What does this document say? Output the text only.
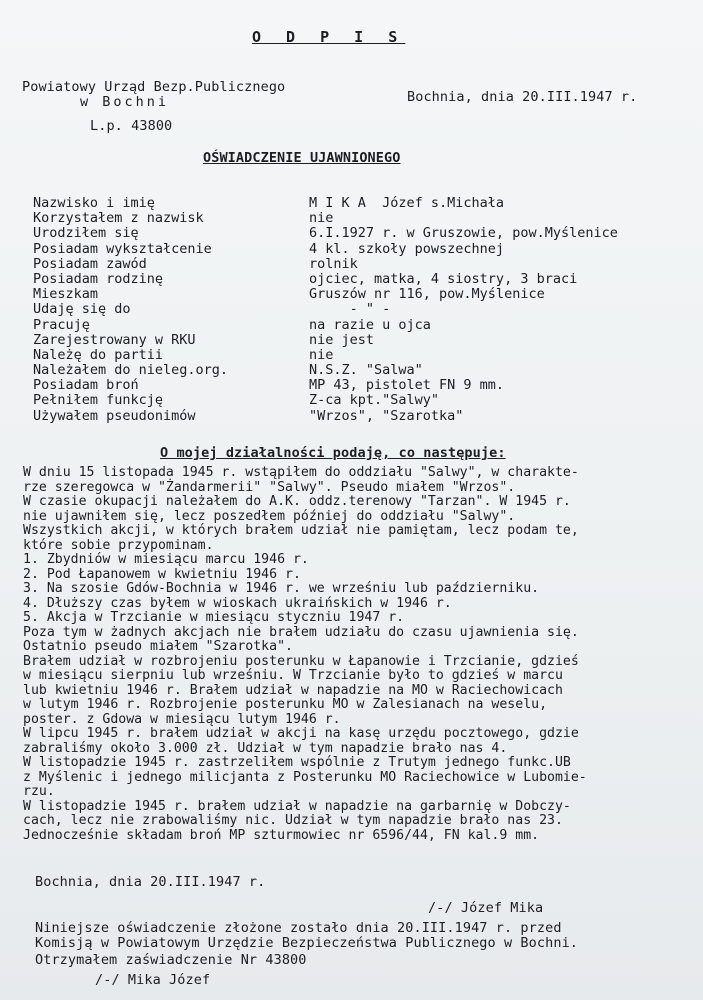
O D P I S
Powiatowy Urząd Bezp.Publicznego
w Bochni
L.p. 43800
Bochnia, dnia 20.III.1947 r.
OŚWIADCZENIE UJAWNIONEGO
Nazwisko i imię	M I K A  Józef s.Michała
Korzystałem z nazwisk	nie
Urodziłem się	6.I.1927 r. w Gruszowie, pow.Myślenice
Posiadam wykształcenie	4 kl. szkoły powszechnej
Posiadam zawód	rolnik
Posiadam rodzinę	ojciec, matka, 4 siostry, 3 braci
Mieszkam	Gruszów nr 116, pow.Myślenice
Udaję się do	- " -
Pracuję	na razie u ojca
Zarejestrowany w RKU	nie jest
Należę do partii	nie
Należałem do nieleg.org.	N.S.Z. "Salwa"
Posiadam broń	MP 43, pistolet FN 9 mm.
Pełniłem funkcję	Z-ca kpt."Salwy"
Używałem pseudonimów	"Wrzos", "Szarotka"
O mojej działalności podaję, co następuje:
W dniu 15 listopada 1945 r. wstąpiłem do oddziału "Salwy", w charakte-
rze szeregowca w "Żandarmerii" "Salwy". Pseudo miałem "Wrzos".
W czasie okupacji należałem do A.K. oddz.terenowy "Tarzan". W 1945 r.
nie ujawniłem się, lecz poszedłem później do oddziału "Salwy".
Wszystkich akcji, w których brałem udział nie pamiętam, lecz podam te,
które sobie przypominam.
1. Zbydniów w miesiącu marcu 1946 r.
2. Pod Łapanowem w kwietniu 1946 r.
3. Na szosie Gdów-Bochnia w 1946 r. we wrześniu lub październiku.
4. Dłuższy czas byłem w wioskach ukraińskich w 1946 r.
5. Akcja w Trzcianie w miesiącu styczniu 1947 r.
Poza tym w żadnych akcjach nie brałem udziału do czasu ujawnienia się.
Ostatnio pseudo miałem "Szarotka".
Brałem udział w rozbrojeniu posterunku w Łapanowie i Trzcianie, gdzieś
w miesiącu sierpniu lub wrześniu. W Trzcianie było to gdzieś w marcu
lub kwietniu 1946 r. Brałem udział w napadzie na MO w Raciechowicach
w lutym 1946 r. Rozbrojenie posterunku MO w Zalesianach na weselu,
poster. z Gdowa w miesiącu lutym 1946 r.
W lipcu 1945 r. brałem udział w akcji na kasę urzędu pocztowego, gdzie
zabraliśmy około 3.000 zł. Udział w tym napadzie brało nas 4.
W listopadzie 1945 r. zastrzeliłem wspólnie z Trutym jednego funkc.UB
z Myślenic i jednego milicjanta z Posterunku MO Raciechowice w Lubomie-
rzu.
W listopadzie 1945 r. brałem udział w napadzie na garbarnię w Dobczy-
cach, lecz nie zrabowaliśmy nic. Udział w tym napadzie brało nas 23.
Jednocześnie składam broń MP szturmowiec nr 6596/44, FN kal.9 mm.
Bochnia, dnia 20.III.1947 r.
/-/ Józef Mika
Niniejsze oświadczenie złożone zostało dnia 20.III.1947 r. przed
Komisją w Powiatowym Urzędzie Bezpieczeństwa Publicznego w Bochni.
Otrzymałem zaświadczenie Nr 43800
/-/ Mika Józef
